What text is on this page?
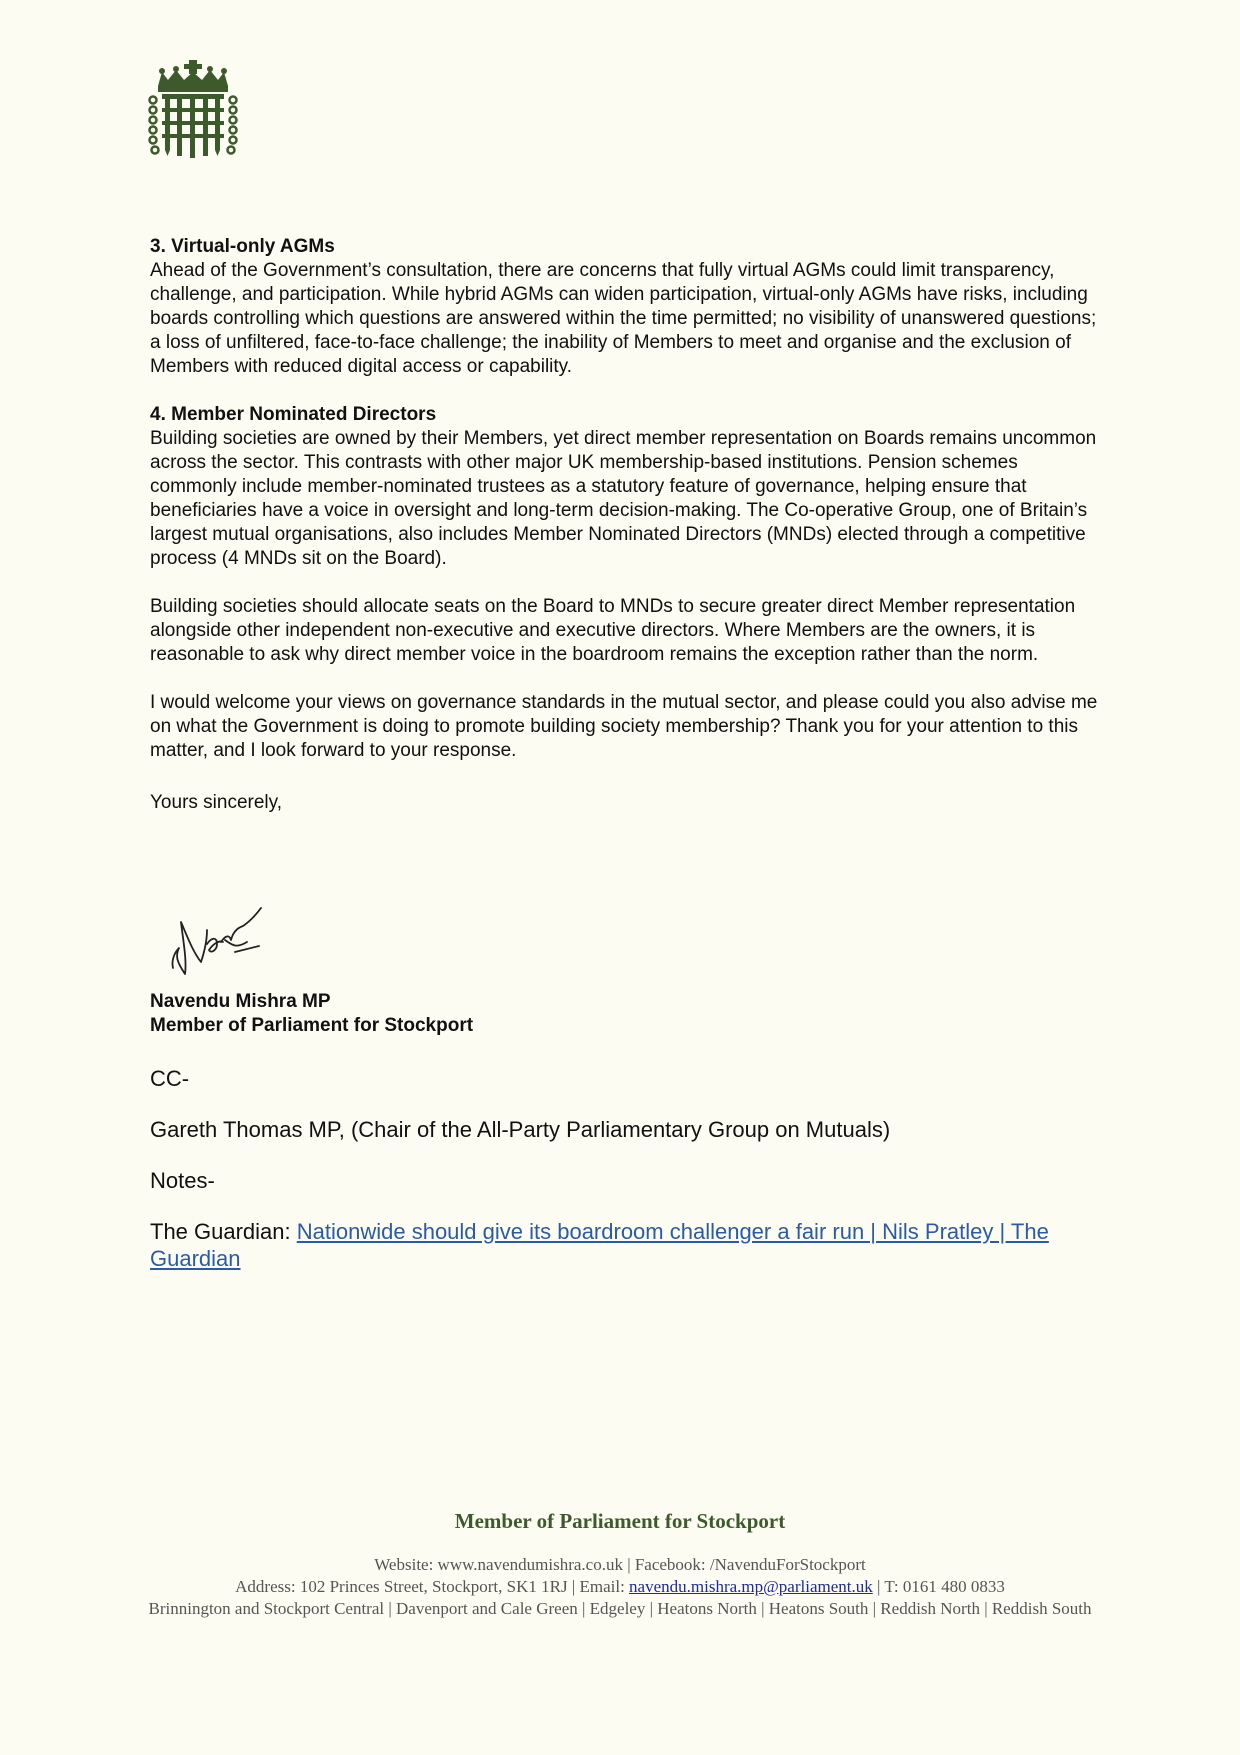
3. Virtual-only AGMs

Ahead of the Government’s consultation, there are concerns that fully virtual AGMs could limit transparency, challenge, and participation. While hybrid AGMs can widen participation, virtual-only AGMs have risks, including boards controlling which questions are answered within the time permitted; no visibility of unanswered questions; a loss of unfiltered, face-to-face challenge; the inability of Members to meet and organise and the exclusion of Members with reduced digital access or capability.

4. Member Nominated Directors

Building societies are owned by their Members, yet direct member representation on Boards remains uncommon across the sector. This contrasts with other major UK membership-based institutions. Pension schemes commonly include member-nominated trustees as a statutory feature of governance, helping ensure that beneficiaries have a voice in oversight and long-term decision-making. The Co-operative Group, one of Britain’s largest mutual organisations, also includes Member Nominated Directors (MNDs) elected through a competitive process (4 MNDs sit on the Board).

Building societies should allocate seats on the Board to MNDs to secure greater direct Member representation alongside other independent non-executive and executive directors. Where Members are the owners, it is reasonable to ask why direct member voice in the boardroom remains the exception rather than the norm.

I would welcome your views on governance standards in the mutual sector, and please could you also advise me on what the Government is doing to promote building society membership? Thank you for your attention to this matter, and I look forward to your response.

Yours sincerely,

Navendu Mishra MP
Member of Parliament for Stockport

CC-

Gareth Thomas MP, (Chair of the All-Party Parliamentary Group on Mutuals)

Notes-

The Guardian: Nationwide should give its boardroom challenger a fair run | Nils Pratley | The Guardian

Member of Parliament for Stockport
Website: www.navendumishra.co.uk | Facebook: /NavenduForStockport
Address: 102 Princes Street, Stockport, SK1 1RJ | Email: navendu.mishra.mp@parliament.uk | T: 0161 480 0833
Brinnington and Stockport Central | Davenport and Cale Green | Edgeley | Heatons North | Heatons South | Reddish North | Reddish South
